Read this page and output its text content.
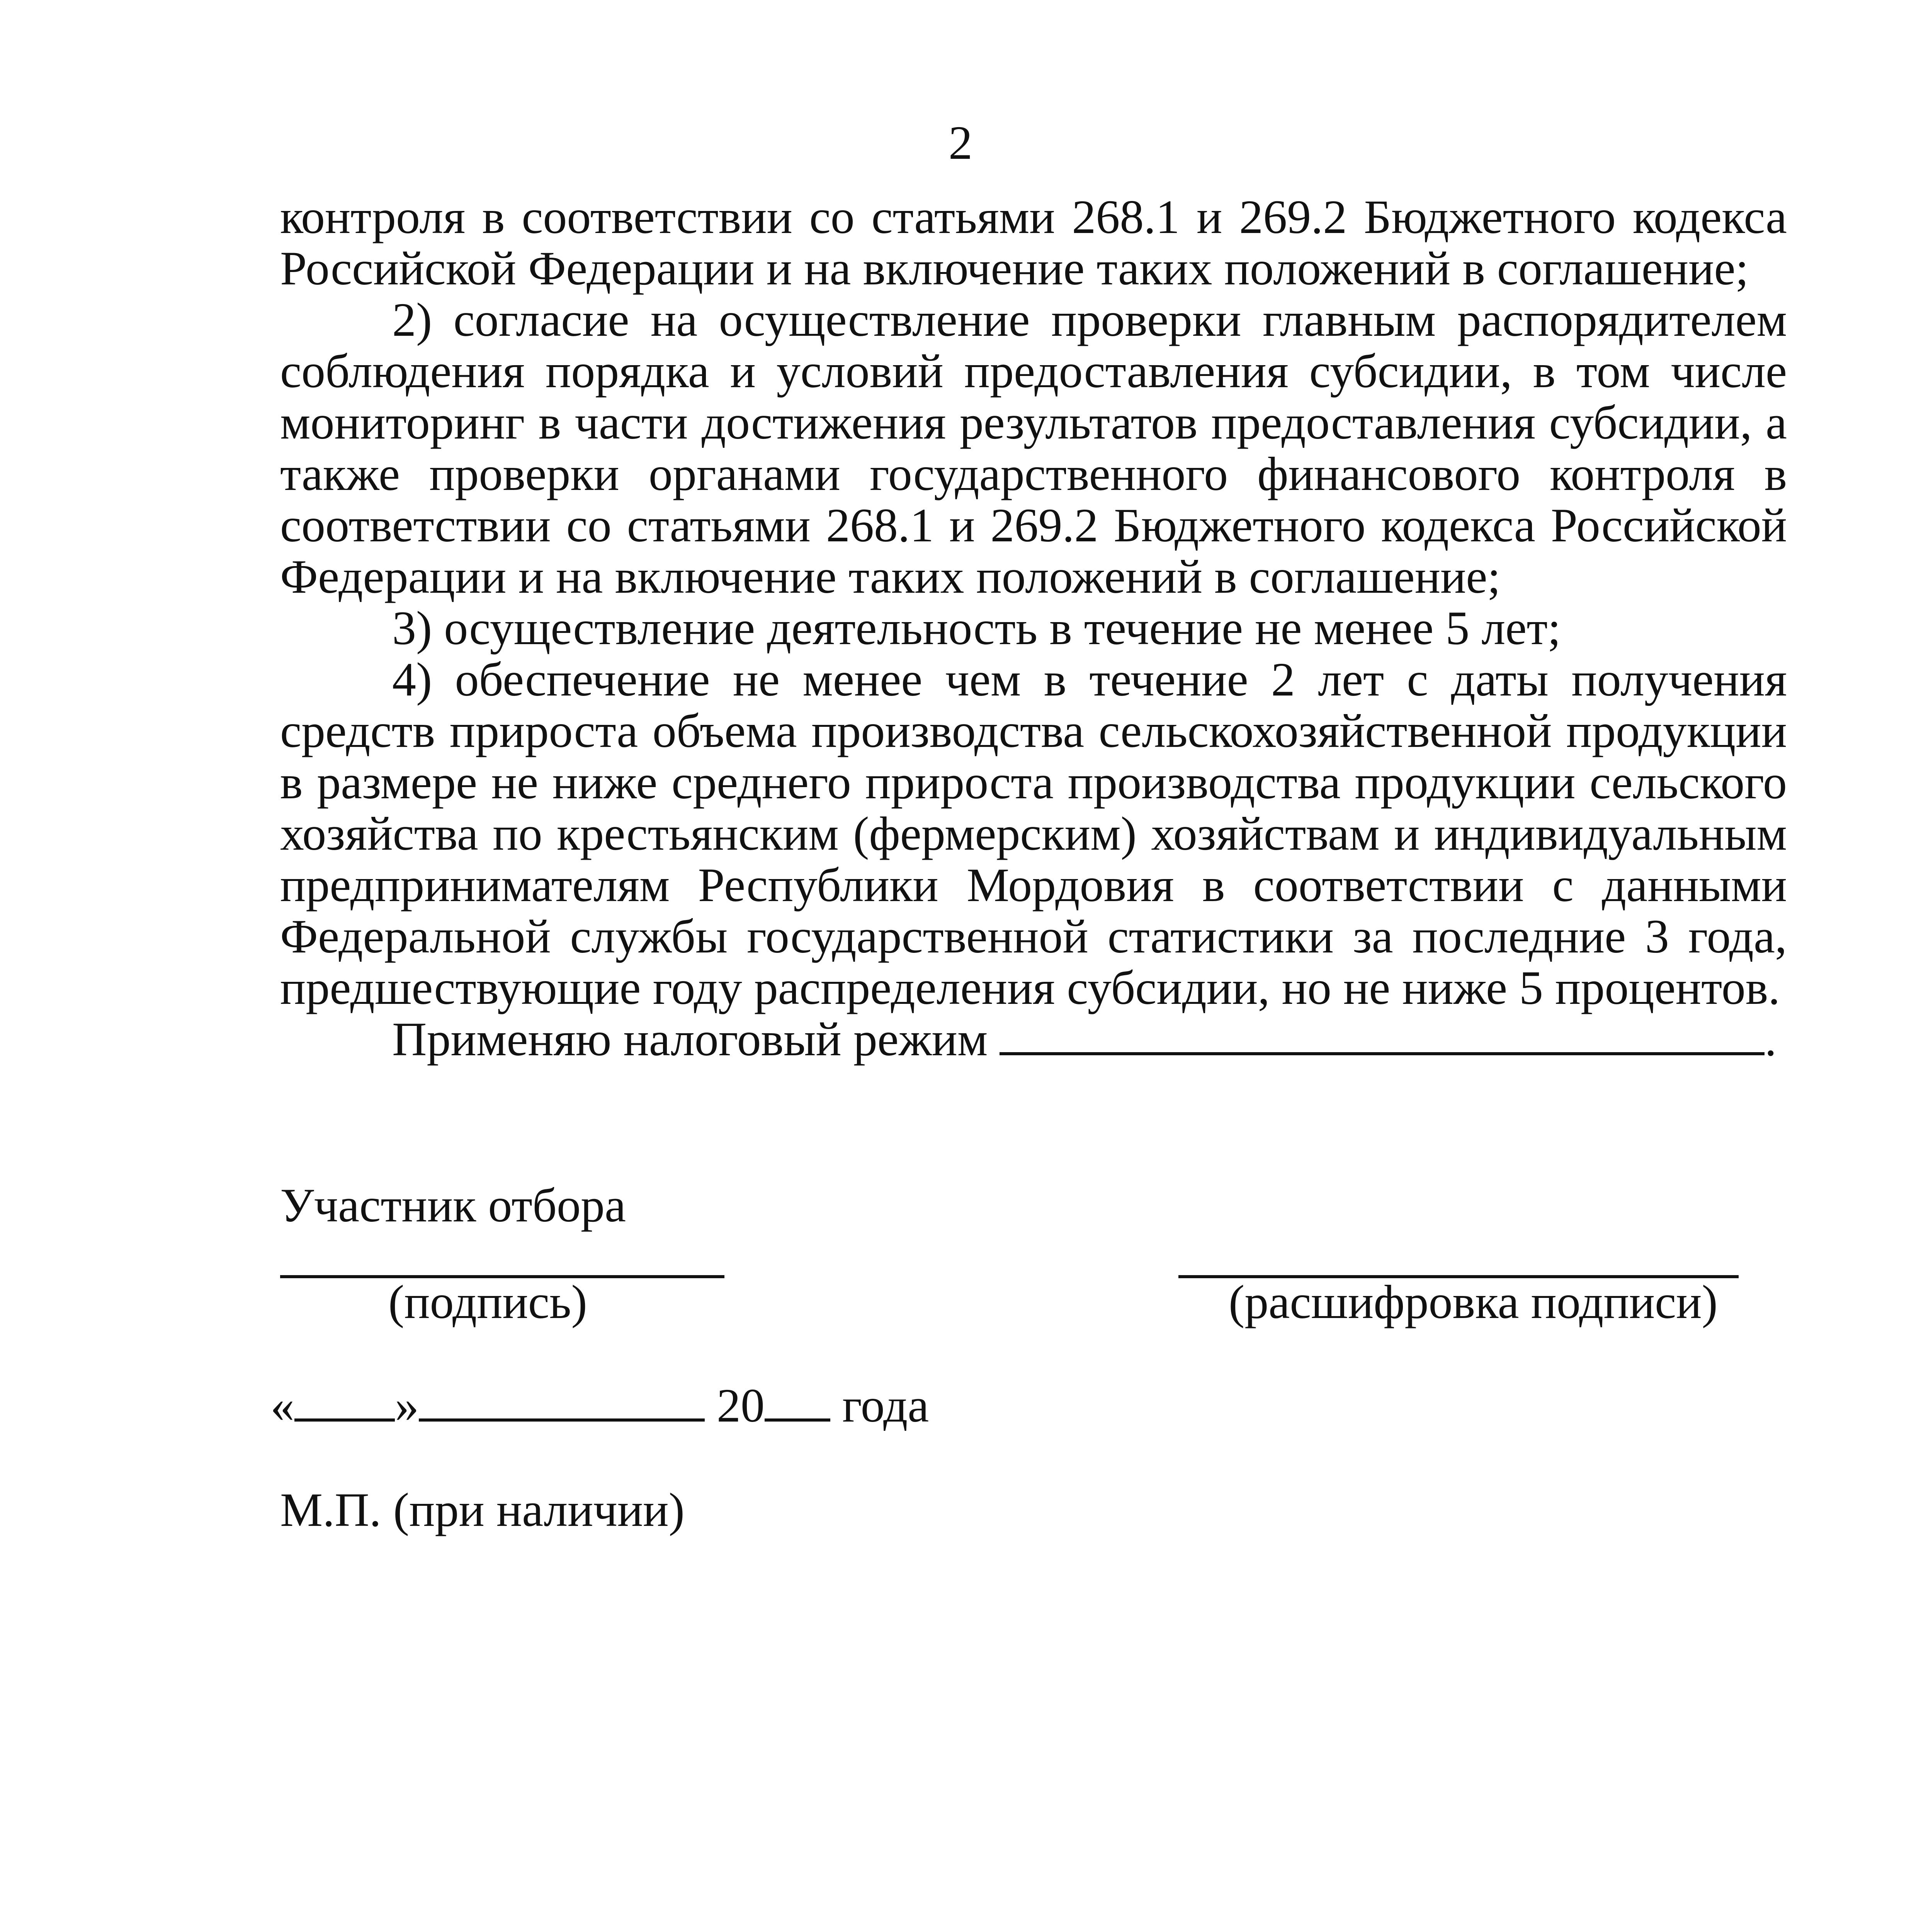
2

контроля в соответствии со статьями 268.1 и 269.2 Бюджетного кодекса Российской Федерации и на включение таких положений в соглашение;

2) согласие на осуществление проверки главным распорядителем соблюдения порядка и условий предоставления субсидии, в том числе мониторинг в части достижения результатов предоставления субсидии, а также проверки органами государственного финансового контроля в соответствии со статьями 268.1 и 269.2 Бюджетного кодекса Российской Федерации и на включение таких положений в соглашение;

3) осуществление деятельность в течение не менее 5 лет;

4) обеспечение не менее чем в течение 2 лет с даты получения средств прироста объема производства сельскохозяйственной продукции в размере не ниже среднего прироста производства продукции сельского хозяйства по крестьянским (фермерским) хозяйствам и индивидуальным предпринимателям Республики Мордовия в соответствии с данными Федеральной службы государственной статистики за последние 3 года, предшествующие году распределения субсидии, но не ниже 5 процентов.

Применяю налоговый режим	.

Участник отбора
(подпись)	(расшифровка подписи)
« »	20 года
М.П. (при наличии)
